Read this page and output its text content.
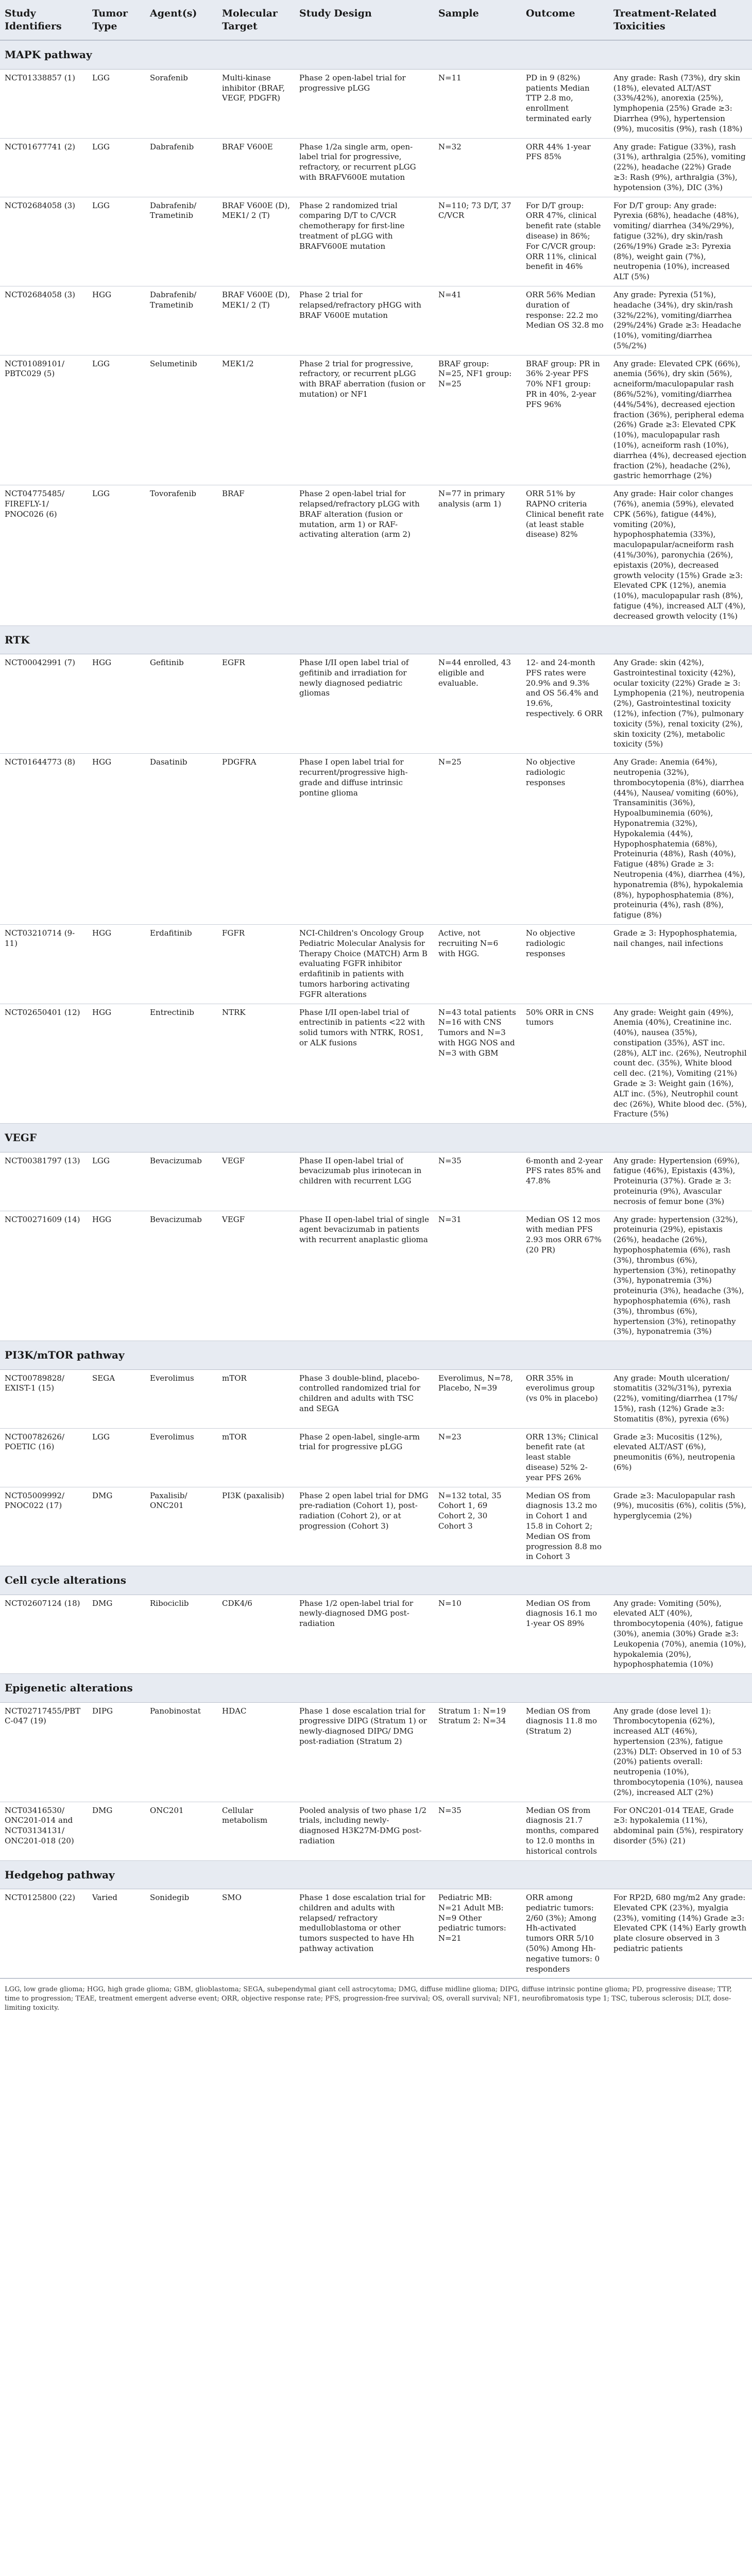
Study Identifiers	Tumor Type	Agent(s)	Molecular Target	Study Design	Sample	Outcome	Treatment-Related Toxicities
MAPK pathway							
NCT01338857 (1)	LGG	Sorafenib	Multi-kinase inhibitor (BRAF, VEGF, PDGFR)	Phase 2 open-label trial for progressive pLGG	N=11	PD in 9 (82%) patients Median TTP 2.8 mo, enrollment terminated early	Any grade: Rash (73%), dry skin (18%), elevated ALT/AST (33%/42%), anorexia (25%), lymphopenia (25%) Grade ≥3: Diarrhea (9%), hypertension (9%), mucositis (9%), rash (18%)
NCT01677741 (2)	LGG	Dabrafenib	BRAF V600E	Phase 1/2a single arm, open-label trial for progressive, refractory, or recurrent pLGG with BRAFV600E mutation	N=32	ORR 44% 1-year PFS 85%	Any grade: Fatigue (33%), rash (31%), arthralgia (25%), vomiting (22%), headache (22%) Grade ≥3: Rash (9%), arthralgia (3%), hypotension (3%), DIC (3%)
NCT02684058 (3)	LGG	Dabrafenib/ Trametinib	BRAF V600E (D), MEK1/ 2 (T)	Phase 2 randomized trial comparing D/T to C/VCR chemotherapy for first-line treatment of pLGG with BRAFV600E mutation	N=110; 73 D/T, 37 C/VCR	For D/T group: ORR 47%, clinical benefit rate (stable disease) in 86%; For C/VCR group: ORR 11%, clinical benefit in 46%	For D/T group: Any grade: Pyrexia (68%), headache (48%), vomiting/ diarrhea (34%/29%), fatigue (32%), dry skin/rash (26%/19%) Grade ≥3: Pyrexia (8%), weight gain (7%), neutropenia (10%), increased ALT (5%)
NCT02684058 (3)	HGG	Dabrafenib/ Trametinib	BRAF V600E (D), MEK1/ 2 (T)	Phase 2 trial for relapsed/refractory pHGG with BRAF V600E mutation	N=41	ORR 56% Median duration of response: 22.2 mo Median OS 32.8 mo	Any grade: Pyrexia (51%), headache (34%), dry skin/rash (32%/22%), vomiting/diarrhea (29%/24%) Grade ≥3: Headache (10%), vomiting/diarrhea (5%/2%)
NCT01089101/ PBTC029 (5)	LGG	Selumetinib	MEK1/2	Phase 2 trial for progressive, refractory, or recurrent pLGG with BRAF aberration (fusion or mutation) or NF1	BRAF group: N=25, NF1 group: N=25	BRAF group: PR in 36% 2-year PFS 70% NF1 group: PR in 40%, 2-year PFS 96%	Any grade: Elevated CPK (66%), anemia (56%), dry skin (56%), acneiform/maculopapular rash (86%/52%), vomiting/diarrhea (44%/54%), decreased ejection fraction (36%), peripheral edema (26%) Grade ≥3: Elevated CPK (10%), maculopapular rash (10%), acneiform rash (10%), diarrhea (4%), decreased ejection fraction (2%), headache (2%), gastric hemorrhage (2%)
NCT04775485/ FIREFLY-1/ PNOC026 (6)	LGG	Tovorafenib	BRAF	Phase 2 open-label trial for relapsed/refractory pLGG with BRAF alteration (fusion or mutation, arm 1) or RAF-activating alteration (arm 2)	N=77 in primary analysis (arm 1)	ORR 51% by RAPNO criteria Clinical benefit rate (at least stable disease) 82%	Any grade: Hair color changes (76%), anemia (59%), elevated CPK (56%), fatigue (44%), vomiting (20%), hypophosphatemia (33%), maculopapular/acneiform rash (41%/30%), paronychia (26%), epistaxis (20%), decreased growth velocity (15%) Grade ≥3: Elevated CPK (12%), anemia (10%), maculopapular rash (8%), fatigue (4%), increased ALT (4%), decreased growth velocity (1%)
RTK							
NCT00042991 (7)	HGG	Gefitinib	EGFR	Phase I/II open label trial of gefitinib and irradiation for newly diagnosed pediatric gliomas	N=44 enrolled, 43 eligible and evaluable.	12- and 24-month PFS rates were 20.9% and 9.3% and OS 56.4% and 19.6%, respectively. 6 ORR	Any Grade: skin (42%), Gastrointestinal toxicity (42%), ocular toxicity (22%) Grade ≥ 3: Lymphopenia (21%), neutropenia (2%), Gastrointestinal toxicity (12%), infection (7%), pulmonary toxicity (5%), renal toxicity (2%), skin toxicity (2%), metabolic toxicity (5%)
NCT01644773 (8)	HGG	Dasatinib	PDGFRA	Phase I open label trial for recurrent/progressive high-grade and diffuse intrinsic pontine glioma	N=25	No objective radiologic responses	Any Grade: Anemia (64%), neutropenia (32%), thrombocytopenia (8%), diarrhea (44%), Nausea/ vomiting (60%), Transaminitis (36%), Hypoalbuminemia (60%), Hyponatremia (32%), Hypokalemia (44%), Hypophosphatemia (68%), Proteinuria (48%), Rash (40%), Fatigue (48%) Grade ≥ 3: Neutropenia (4%), diarrhea (4%), hyponatremia (8%), hypokalemia (8%), hypophosphatemia (8%), proteinuria (4%), rash (8%), fatigue (8%)
NCT03210714 (9-11)	HGG	Erdafitinib	FGFR	NCI-Children's Oncology Group Pediatric Molecular Analysis for Therapy Choice (MATCH) Arm B evaluating FGFR inhibitor erdafitinib in patients with tumors harboring activating FGFR alterations	Active, not recruiting N=6 with HGG.	No objective radiologic responses	Grade ≥ 3: Hypophosphatemia, nail changes, nail infections
NCT02650401 (12)	HGG	Entrectinib	NTRK	Phase I/II open-label trial of entrectinib in patients <22 with solid tumors with NTRK, ROS1, or ALK fusions	N=43 total patients N=16 with CNS Tumors and N=3 with HGG NOS and N=3 with GBM	50% ORR in CNS tumors	Any grade: Weight gain (49%), Anemia (40%), Creatinine inc. (40%), nausea (35%), constipation (35%), AST inc. (28%), ALT inc. (26%), Neutrophil count dec. (35%), White blood cell dec. (21%), Vomiting (21%) Grade ≥ 3: Weight gain (16%), ALT inc. (5%), Neutrophil count dec (26%), White blood dec. (5%), Fracture (5%)
VEGF							
NCT00381797 (13)	LGG	Bevacizumab	VEGF	Phase II open-label trial of bevacizumab plus irinotecan in children with recurrent LGG	N=35	6-month and 2-year PFS rates 85% and 47.8%	Any grade: Hypertension (69%), fatigue (46%), Epistaxis (43%), Proteinuria (37%). Grade ≥ 3: proteinuria (9%), Avascular necrosis of femur bone (3%)
NCT00271609 (14)	HGG	Bevacizumab	VEGF	Phase II open-label trial of single agent bevacizumab in patients with recurrent anaplastic glioma	N=31	Median OS 12 mos with median PFS 2.93 mos ORR 67% (20 PR)	Any grade: hypertension (32%), proteinuria (29%), epistaxis (26%), headache (26%), hypophosphatemia (6%), rash (3%), thrombus (6%), hypertension (3%), retinopathy (3%), hyponatremia (3%) proteinuria (3%), headache (3%), hypophosphatemia (6%), rash (3%), thrombus (6%), hypertension (3%), retinopathy (3%), hyponatremia (3%)
PI3K/mTOR pathway							
NCT00789828/ EXIST-1 (15)	SEGA	Everolimus	mTOR	Phase 3 double-blind, placebo-controlled randomized trial for children and adults with TSC and SEGA	Everolimus, N=78, Placebo, N=39	ORR 35% in everolimus group (vs 0% in placebo)	Any grade: Mouth ulceration/ stomatitis (32%/31%), pyrexia (22%), vomiting/diarrhea (17%/ 15%), rash (12%) Grade ≥3: Stomatitis (8%), pyrexia (6%)
NCT00782626/ POETIC (16)	LGG	Everolimus	mTOR	Phase 2 open-label, single-arm trial for progressive pLGG	N=23	ORR 13%; Clinical benefit rate (at least stable disease) 52% 2-year PFS 26%	Grade ≥3: Mucositis (12%), elevated ALT/AST (6%), pneumonitis (6%), neutropenia (6%)
NCT05009992/ PNOC022 (17)	DMG	Paxalisib/ ONC201	PI3K (paxalisib)	Phase 2 open label trial for DMG pre-radiation (Cohort 1), post-radiation (Cohort 2), or at progression (Cohort 3)	N=132 total, 35 Cohort 1, 69 Cohort 2, 30 Cohort 3	Median OS from diagnosis 13.2 mo in Cohort 1 and 15.8 in Cohort 2; Median OS from progression 8.8 mo in Cohort 3	Grade ≥3: Maculopapular rash (9%), mucositis (6%), colitis (5%), hyperglycemia (2%)
Cell cycle alterations							
NCT02607124 (18)	DMG	Ribociclib	CDK4/6	Phase 1/2 open-label trial for newly-diagnosed DMG post-radiation	N=10	Median OS from diagnosis 16.1 mo 1-year OS 89%	Any grade: Vomiting (50%), elevated ALT (40%), thrombocytopenia (40%), fatigue (30%), anemia (30%) Grade ≥3: Leukopenia (70%), anemia (10%), hypokalemia (20%), hypophosphatemia (10%)
Epigenetic alterations							
NCT02717455/PBTC-047 (19)	DIPG	Panobinostat	HDAC	Phase 1 dose escalation trial for progressive DIPG (Stratum 1) or newly-diagnosed DIPG/ DMG post-radiation (Stratum 2)	Stratum 1: N=19 Stratum 2: N=34	Median OS from diagnosis 11.8 mo (Stratum 2)	Any grade (dose level 1): Thrombocytopenia (62%), increased ALT (46%), hypertension (23%), fatigue (23%) DLT: Observed in 10 of 53 (20%) patients overall: neutropenia (10%), thrombocytopenia (10%), nausea (2%), increased ALT (2%)
NCT03416530/ ONC201-014 and NCT03134131/ ONC201-018 (20)	DMG	ONC201	Cellular metabolism	Pooled analysis of two phase 1/2 trials, including newly-diagnosed H3K27M-DMG post-radiation	N=35	Median OS from diagnosis 21.7 months, compared to 12.0 months in historical controls	For ONC201-014 TEAE, Grade ≥3: hypokalemia (11%), abdominal pain (5%), respiratory disorder (5%) (21)
Hedgehog pathway							
NCT0125800 (22)	Varied	Sonidegib	SMO	Phase 1 dose escalation trial for children and adults with relapsed/ refractory medulloblastoma or other tumors suspected to have Hh pathway activation	Pediatric MB: N=21 Adult MB: N=9 Other pediatric tumors: N=21	ORR among pediatric tumors: 2/60 (3%); Among Hh-activated tumors ORR 5/10 (50%) Among Hh-negative tumors: 0 responders	For RP2D, 680 mg/m2 Any grade: Elevated CPK (23%), myalgia (23%), vomiting (14%) Grade ≥3: Elevated CPK (14%) Early growth plate closure observed in 3 pediatric patients
LGG, low grade glioma; HGG, high grade glioma; GBM, glioblastoma; SEGA, subependymal giant cell astrocytoma; DMG, diffuse midline glioma; DIPG, diffuse intrinsic pontine glioma; PD, progressive disease; TTP, time to progression; TEAE, treatment emergent adverse event; ORR, objective response rate; PFS, progression-free survival; OS, overall survival; NF1, neurofibromatosis type 1; TSC, tuberous sclerosis; DLT, dose-limiting toxicity.
